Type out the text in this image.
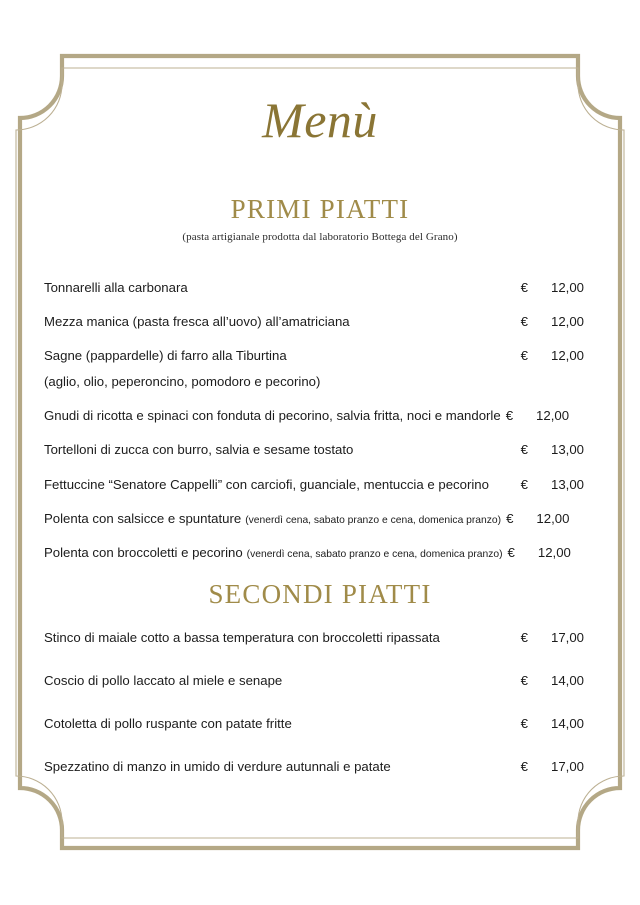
Menù
PRIMI PIATTI
(pasta artigianale prodotta dal laboratorio Bottega del Grano)
Tonnarelli alla carbonara	€	12,00
Mezza manica (pasta fresca all’uovo) all’amatriciana	€	12,00
Sagne (pappardelle) di farro alla Tiburtina	€	12,00
(aglio, olio, peperoncino, pomodoro e pecorino)
Gnudi di ricotta e spinaci con fonduta di pecorino, salvia fritta, noci e mandorle €	12,00
Tortelloni di zucca con burro, salvia e sesame tostato	€	13,00
Fettuccine “Senatore Cappelli” con carciofi, guanciale, mentuccia e pecorino €	13,00
Polenta con salsicce e spuntature (venerdì cena, sabato pranzo e cena, domenica pranzo) €	12,00
Polenta con broccoletti e pecorino (venerdì cena, sabato pranzo e cena, domenica pranzo) €	12,00
SECONDI PIATTI
Stinco di maiale cotto a bassa temperatura con broccoletti ripassata	€	17,00
Coscio di pollo laccato al miele e senape	€	14,00
Cotoletta di pollo ruspante con patate fritte	€	14,00
Spezzatino di manzo in umido di verdure autunnali e patate	€	17,00
